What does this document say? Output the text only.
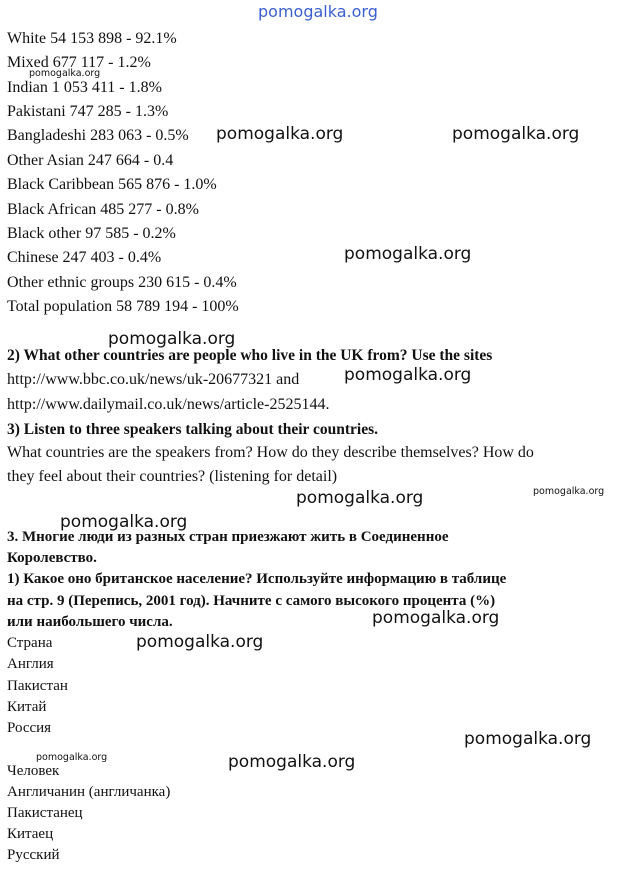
pomogalka.org
White 54 153 898 - 92.1%
Mixed 677 117 - 1.2%
Indian 1 053 411 - 1.8%
Pakistani 747 285 - 1.3%
Bangladeshi 283 063 - 0.5%
Other Asian 247 664 - 0.4
Black Caribbean 565 876 - 1.0%
Black African 485 277 - 0.8%
Black other 97 585 - 0.2%
Chinese 247 403 - 0.4%
Other ethnic groups 230 615 - 0.4%
Total population 58 789 194 - 100%
2) What other countries are people who live in the UK from? Use the sites
http://www.bbc.co.uk/news/uk-20677321 and
http://www.dailymail.co.uk/news/article-2525144.
3) Listen to three speakers talking about their countries.
What countries are the speakers from? How do they describe themselves? How do
they feel about their countries? (listening for detail)
3. Многие люди из разных стран приезжают жить в Соединенное
Королевство.
1) Какое оно британское население? Используйте информацию в таблице
на стр. 9 (Перепись, 2001 год). Начните с самого высокого процента (%)
или наибольшего числа.
Страна
Англия
Пакистан
Китай
Россия
Человек
Англичанин (англичанка)
Пакистанец
Китаец
Русский
pomogalka.org
pomogalka.org	pomogalka.org
pomogalka.org
pomogalka.org
pomogalka.org
pomogalka.org	pomogalka.org
pomogalka.org
pomogalka.org
pomogalka.org
pomogalka.org
pomogalka.org	pomogalka.org
